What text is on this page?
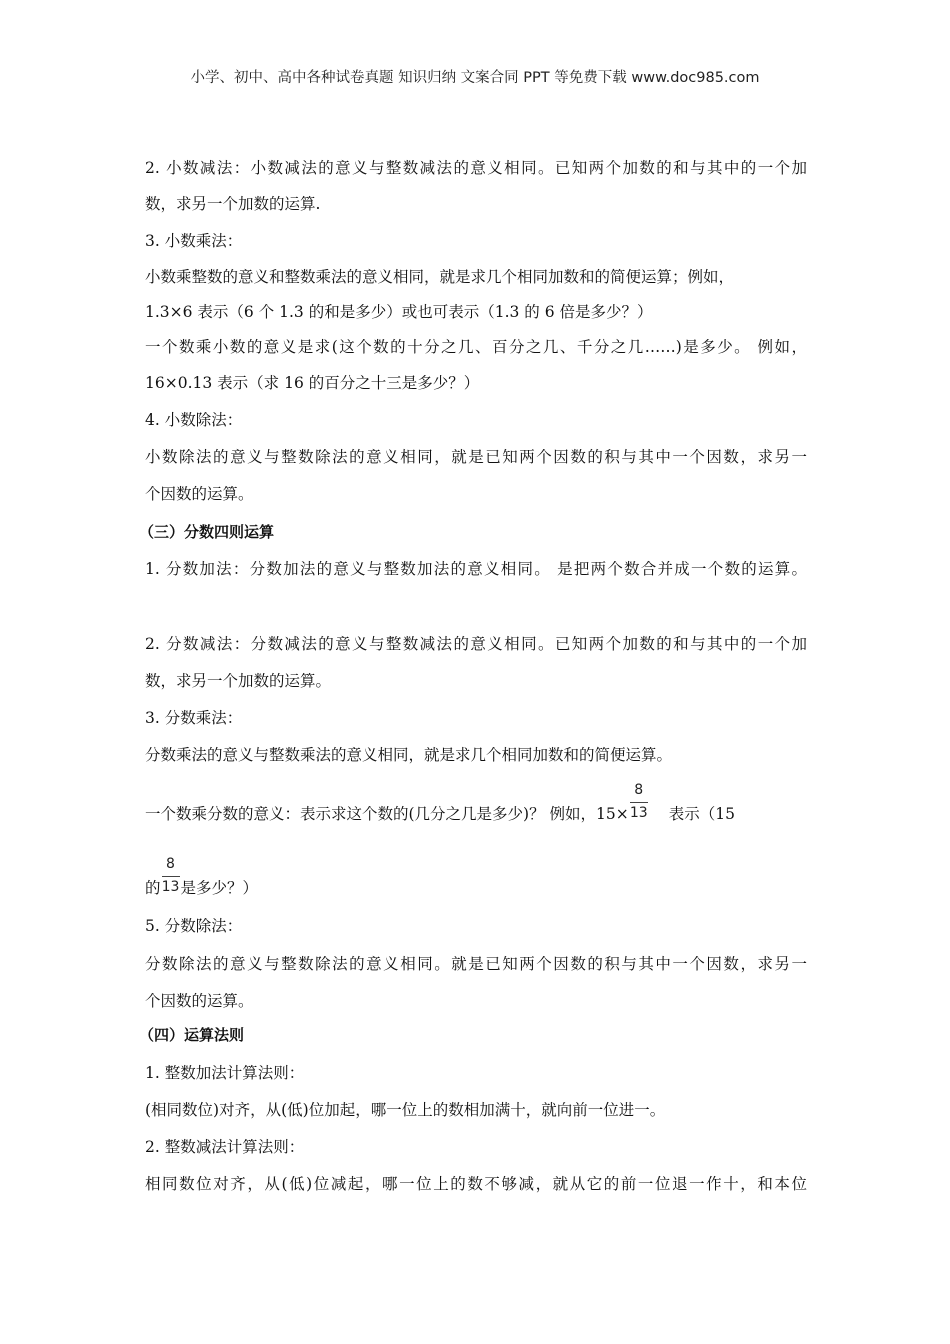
小学、初中、高中各种试卷真题 知识归纳 文案合同 PPT 等免费下载 www.doc985.com
2. 小数减法：小数减法的意义与整数减法的意义相同。已知两个加数的和与其中的一个加
数，求另一个加数的运算.
3. 小数乘法：
小数乘整数的意义和整数乘法的意义相同，就是求几个相同加数和的简便运算；例如，
1.3×6 表示（6 个 1.3 的和是多少）或也可表示（1.3 的 6 倍是多少？）
一个数乘小数的意义是求(这个数的十分之几、百分之几、千分之几……)是多少。 例如，
16×0.13 表示（求 16 的百分之十三是多少？）
4. 小数除法：
小数除法的意义与整数除法的意义相同，就是已知两个因数的积与其中一个因数，求另一
个因数的运算。
（三）分数四则运算
1. 分数加法：分数加法的意义与整数加法的意义相同。 是把两个数合并成一个数的运算。
2. 分数减法：分数减法的意义与整数减法的意义相同。已知两个加数的和与其中的一个加
数，求另一个加数的运算。
3. 分数乘法：
分数乘法的意义与整数乘法的意义相同，就是求几个相同加数和的简便运算。
一个数乘分数的意义：表示求这个数的(几分之几是多少)？ 例如，$15\times \frac{8}{13}$ 表示（15
的 $\frac{8}{13}$ 是多少？）
5. 分数除法：
分数除法的意义与整数除法的意义相同。就是已知两个因数的积与其中一个因数，求另一
个因数的运算。
（四）运算法则
1. 整数加法计算法则：
(相同数位)对齐，从(低)位加起，哪一位上的数相加满十，就向前一位进一。
2. 整数减法计算法则：
相同数位对齐，从(低)位减起，哪一位上的数不够减，就从它的前一位退一作十，和本位
